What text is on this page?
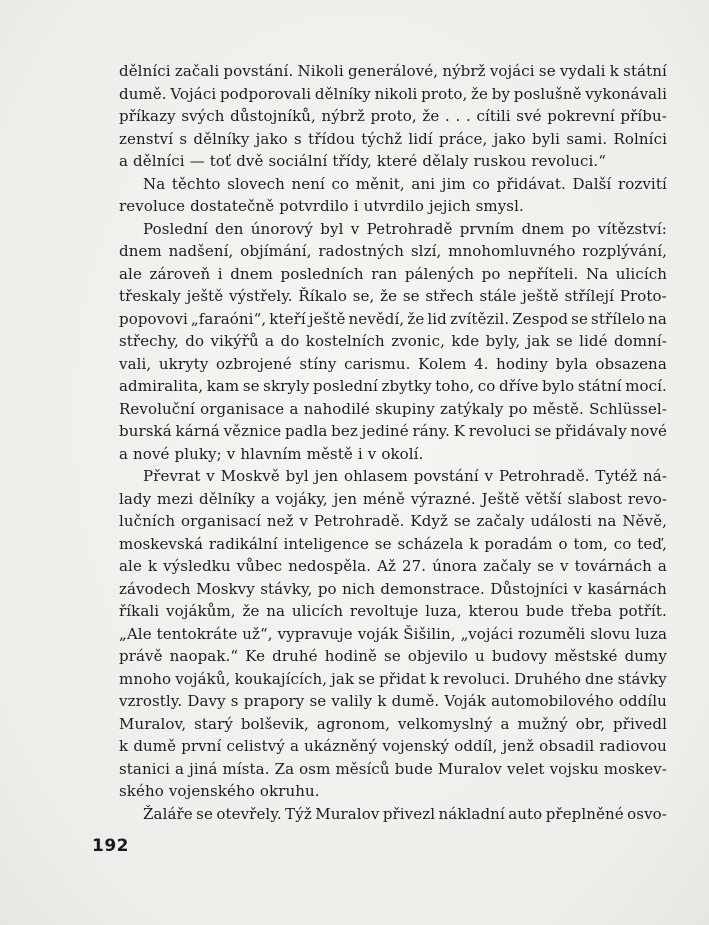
dělníci začali povstání. Nikoli generálové, nýbrž vojáci se vydali k státní
dumě. Vojáci podporovali dělníky nikoli proto, že by poslušně vykonávali
příkazy svých důstojníků, nýbrž proto, že . . . cítili své pokrevní příbu-
zenství s dělníky jako s třídou týchž lidí práce, jako byli sami. Rolníci
a dělníci — toť dvě sociální třídy, které dělaly ruskou revoluci.“
Na těchto slovech není co měnit, ani jim co přidávat. Další rozvití
revoluce dostatečně potvrdilo i utvrdilo jejich smysl.
Poslední den únorový byl v Petrohradě prvním dnem po vítězství:
dnem nadšení, objímání, radostných slzí, mnohomluvného rozplývání,
ale zároveň i dnem posledních ran pálených po nepříteli. Na ulicích
třeskaly ještě výstřely. Říkalo se, že se střech stále ještě střílejí Proto-
popovovi „faraóni“, kteří ještě nevědí, že lid zvítězil. Zespod se střílelo na
střechy, do vikýřů a do kostelních zvonic, kde byly, jak se lidé domní-
vali, ukryty ozbrojené stíny carismu. Kolem 4. hodiny byla obsazena
admiralita, kam se skryly poslední zbytky toho, co dříve bylo státní mocí.
Revoluční organisace a nahodilé skupiny zatýkaly po městě. Schlüssel-
burská kárná věznice padla bez jediné rány. K revoluci se přidávaly nové
a nové pluky; v hlavním městě i v okolí.
Převrat v Moskvě byl jen ohlasem povstání v Petrohradě. Tytéž ná-
lady mezi dělníky a vojáky, jen méně výrazné. Ještě větší slabost revo-
lučních organisací než v Petrohradě. Když se začaly události na Něvě,
moskevská radikální inteligence se scházela k poradám o tom, co teď,
ale k výsledku vůbec nedospěla. Až 27. února začaly se v továrnách a
závodech Moskvy stávky, po nich demonstrace. Důstojníci v kasárnách
říkali vojákům, že na ulicích revoltuje luza, kterou bude třeba potřít.
„Ale tentokráte už“, vypravuje voják Šišilin, „vojáci rozuměli slovu luza
právě naopak.“ Ke druhé hodině se objevilo u budovy městské dumy
mnoho vojáků, koukajících, jak se přidat k revoluci. Druhého dne stávky
vzrostly. Davy s prapory se valily k dumě. Voják automobilového oddílu
Muralov, starý bolševik, agronom, velkomyslný a mužný obr, přivedl
k dumě první celistvý a ukázněný vojenský oddíl, jenž obsadil radiovou
stanici a jiná místa. Za osm měsíců bude Muralov velet vojsku moskev-
ského vojenského okruhu.
Žaláře se otevřely. Týž Muralov přivezl nákladní auto přeplněné osvo-
192
